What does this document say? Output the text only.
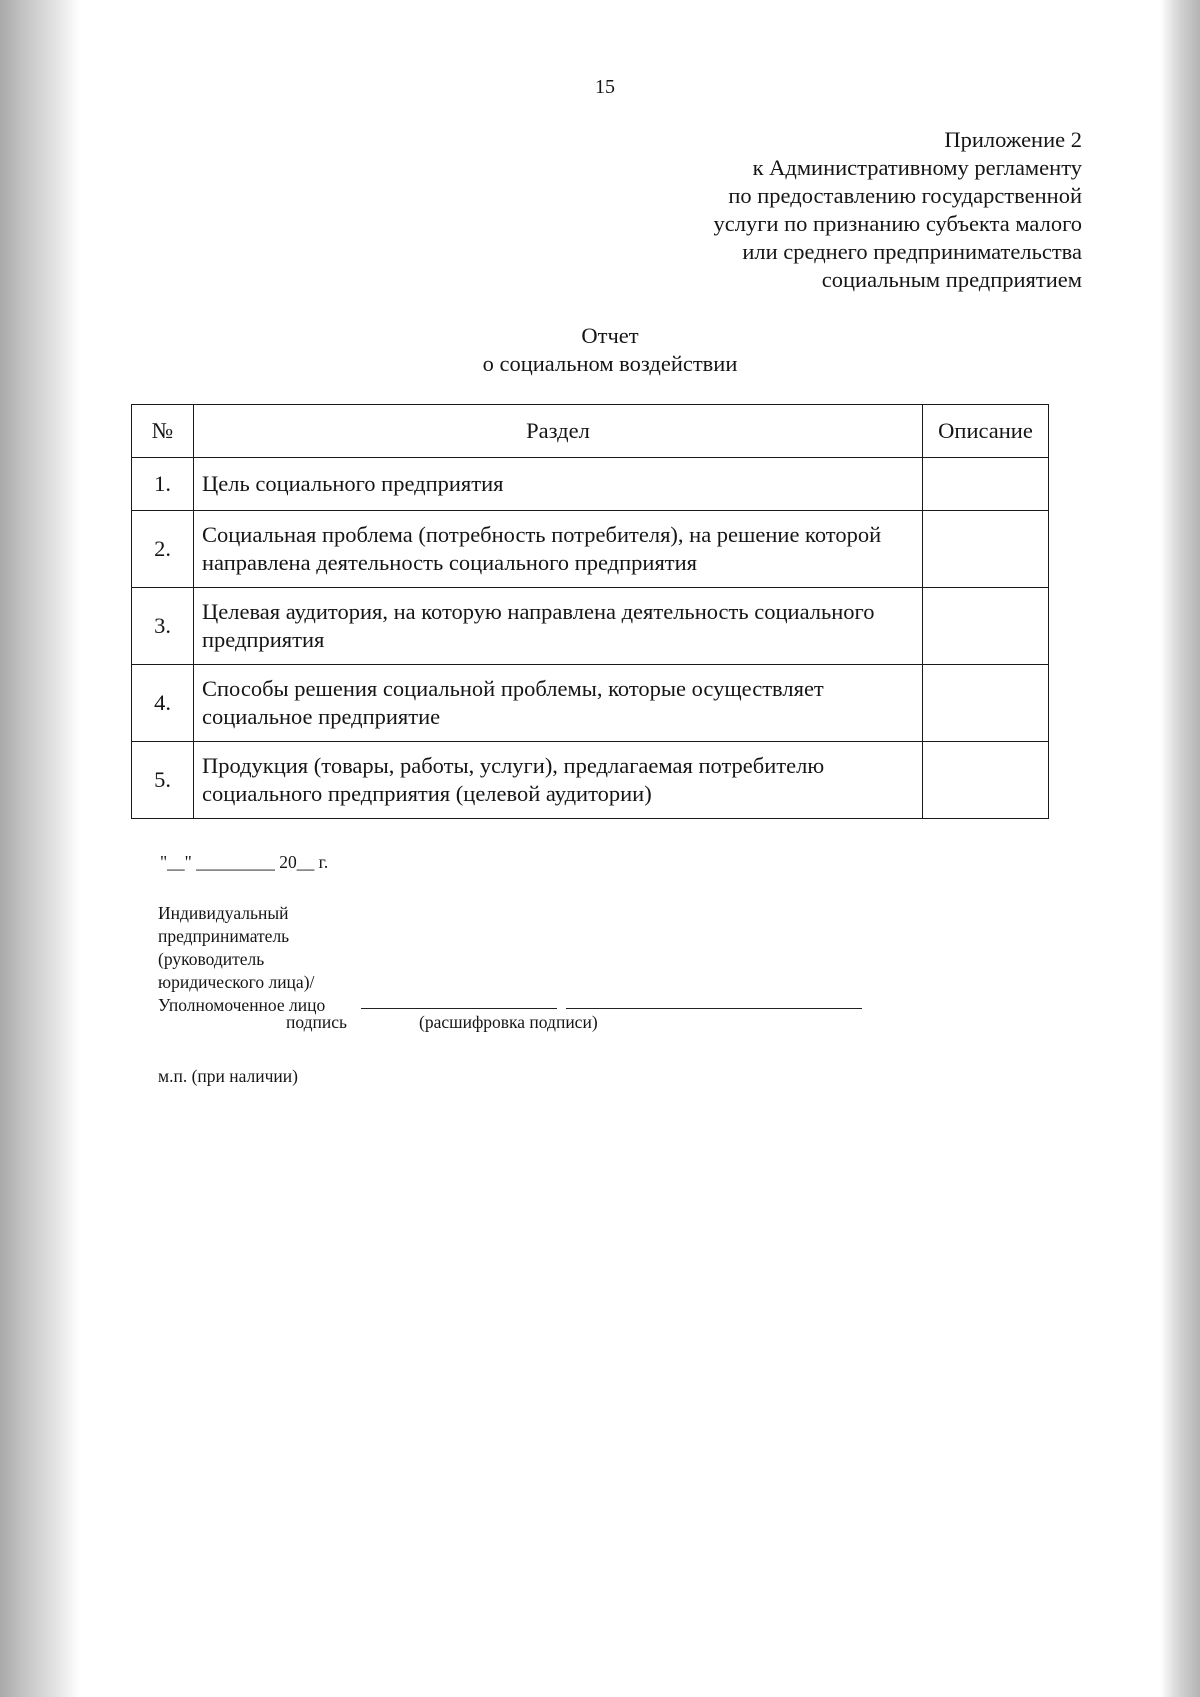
15
Приложение 2
к Административному регламенту
по предоставлению государственной
услуги по признанию субъекта малого
или среднего предпринимательства
социальным предприятием
Отчет
о социальном воздействии
№	Раздел	Описание
1.	Цель социального предприятия	
2.	Социальная проблема (потребность потребителя), на решение которой направлена деятельность социального предприятия	
3.	Целевая аудитория, на которую направлена деятельность социального предприятия	
4.	Способы решения социальной проблемы, которые осуществляет социальное предприятие	
5.	Продукция (товары, работы, услуги), предлагаемая потребителю социального предприятия (целевой аудитории)	
"__" _________ 20__ г.
Индивидуальный
предприниматель
(руководитель
юридического лица)/
Уполномоченное лицо
подпись	(расшифровка подписи)
м.п. (при наличии)
